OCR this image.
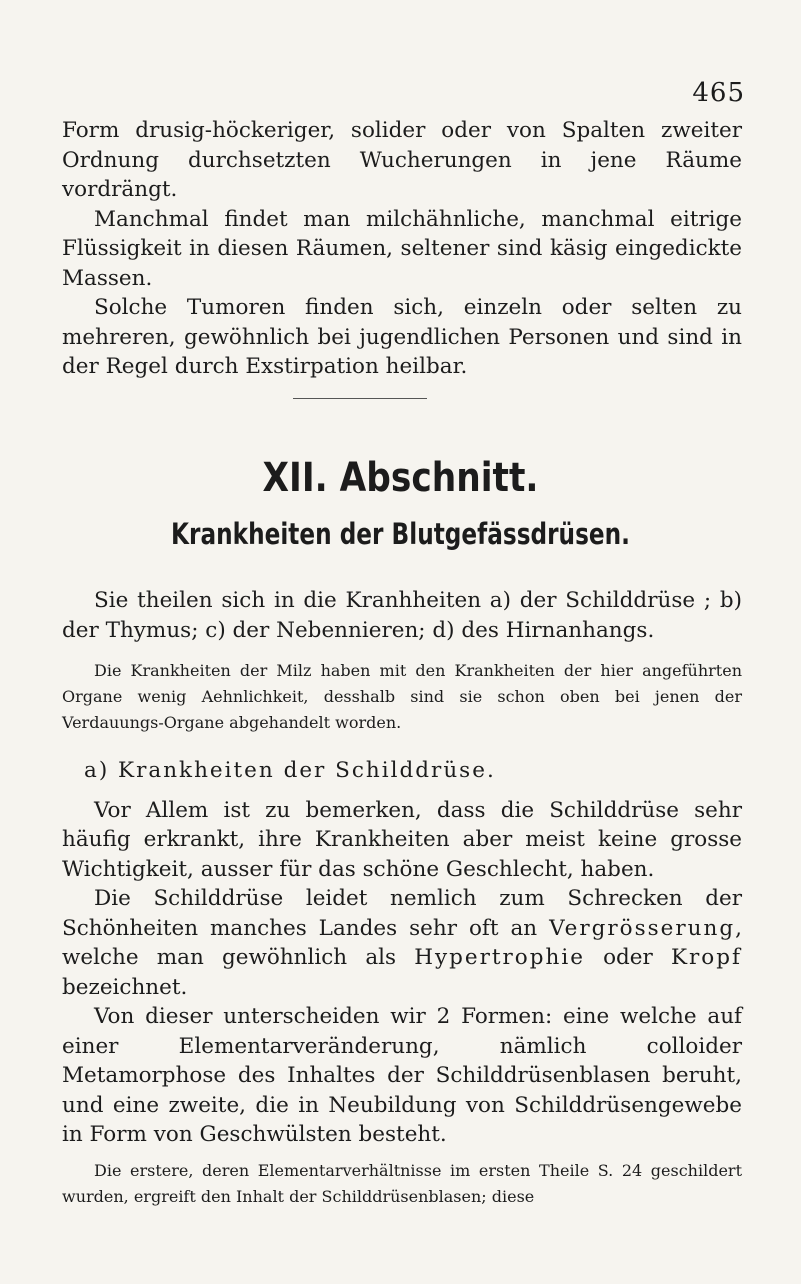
465

Form drusig-höckeriger, solider oder von Spalten zweiter Ordnung durchsetzten Wucherungen in jene Räume vordrängt.

Manchmal findet man milchähnliche, manchmal eitrige Flüssigkeit in diesen Räumen, seltener sind käsig eingedickte Massen.

Solche Tumoren finden sich, einzeln oder selten zu mehreren, gewöhnlich bei jugendlichen Personen und sind in der Regel durch Exstirpation heilbar.

XII. Abschnitt.
Krankheiten der Blutgefässdrüsen.

Sie theilen sich in die Kranhheiten a) der Schilddrüse ; b) der Thymus; c) der Nebennieren; d) des Hirnanhangs.

Die Krankheiten der Milz haben mit den Krankheiten der hier angeführten Organe wenig Aehnlichkeit, desshalb sind sie schon oben bei jenen der Verdauungs-Organe abgehandelt worden.

a) Krankheiten der Schilddrüse.

Vor Allem ist zu bemerken, dass die Schilddrüse sehr häufig erkrankt, ihre Krankheiten aber meist keine grosse Wichtigkeit, ausser für das schöne Geschlecht, haben.

Die Schilddrüse leidet nemlich zum Schrecken der Schönheiten manches Landes sehr oft an Vergrösserung, welche man gewöhnlich als Hypertrophie oder Kropf bezeichnet.

Von dieser unterscheiden wir 2 Formen: eine welche auf einer Elementarveränderung, nämlich colloider Metamorphose des Inhaltes der Schilddrüsenblasen beruht, und eine zweite, die in Neubildung von Schilddrüsengewebe in Form von Geschwülsten besteht.

Die erstere, deren Elementarverhältnisse im ersten Theile S. 24 geschildert wurden, ergreift den Inhalt der Schilddrüsenblasen; diese
